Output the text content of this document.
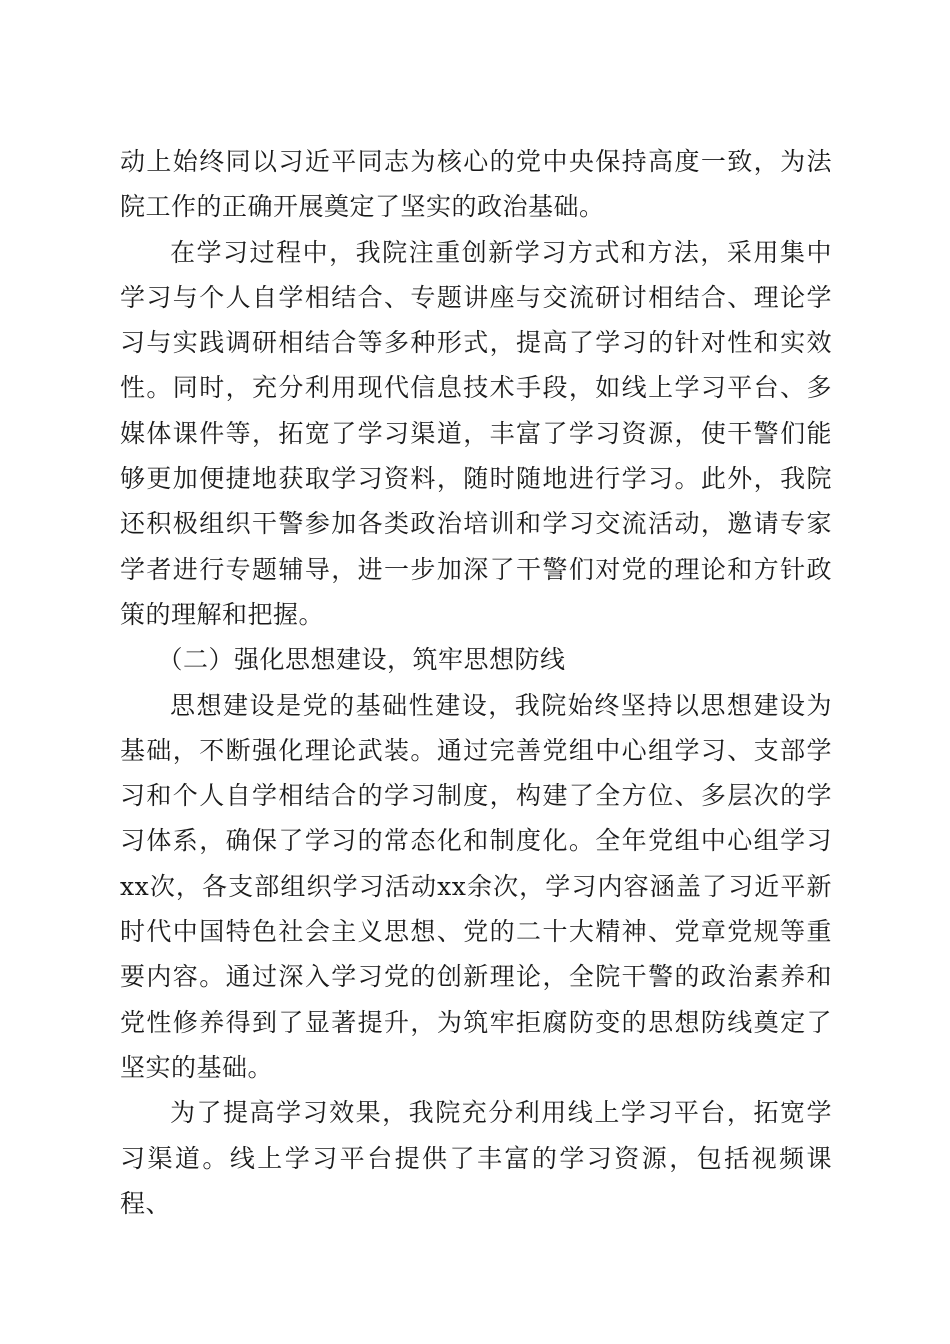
动上始终同以习近平同志为核心的党中央保持高度一致，为法院工作的正确开展奠定了坚实的政治基础。

在学习过程中，我院注重创新学习方式和方法，采用集中学习与个人自学相结合、专题讲座与交流研讨相结合、理论学习与实践调研相结合等多种形式，提高了学习的针对性和实效性。同时，充分利用现代信息技术手段，如线上学习平台、多媒体课件等，拓宽了学习渠道，丰富了学习资源，使干警们能够更加便捷地获取学习资料，随时随地进行学习。此外，我院还积极组织干警参加各类政治培训和学习交流活动，邀请专家学者进行专题辅导，进一步加深了干警们对党的理论和方针政策的理解和把握。

（二）强化思想建设，筑牢思想防线

思想建设是党的基础性建设，我院始终坚持以思想建设为基础，不断强化理论武装。通过完善党组中心组学习、支部学习和个人自学相结合的学习制度，构建了全方位、多层次的学习体系，确保了学习的常态化和制度化。全年党组中心组学习xx次，各支部组织学习活动xx余次，学习内容涵盖了习近平新时代中国特色社会主义思想、党的二十大精神、党章党规等重要内容。通过深入学习党的创新理论，全院干警的政治素养和党性修养得到了显著提升，为筑牢拒腐防变的思想防线奠定了坚实的基础。

为了提高学习效果，我院充分利用线上学习平台，拓宽学习渠道。线上学习平台提供了丰富的学习资源，包括视频课程、
